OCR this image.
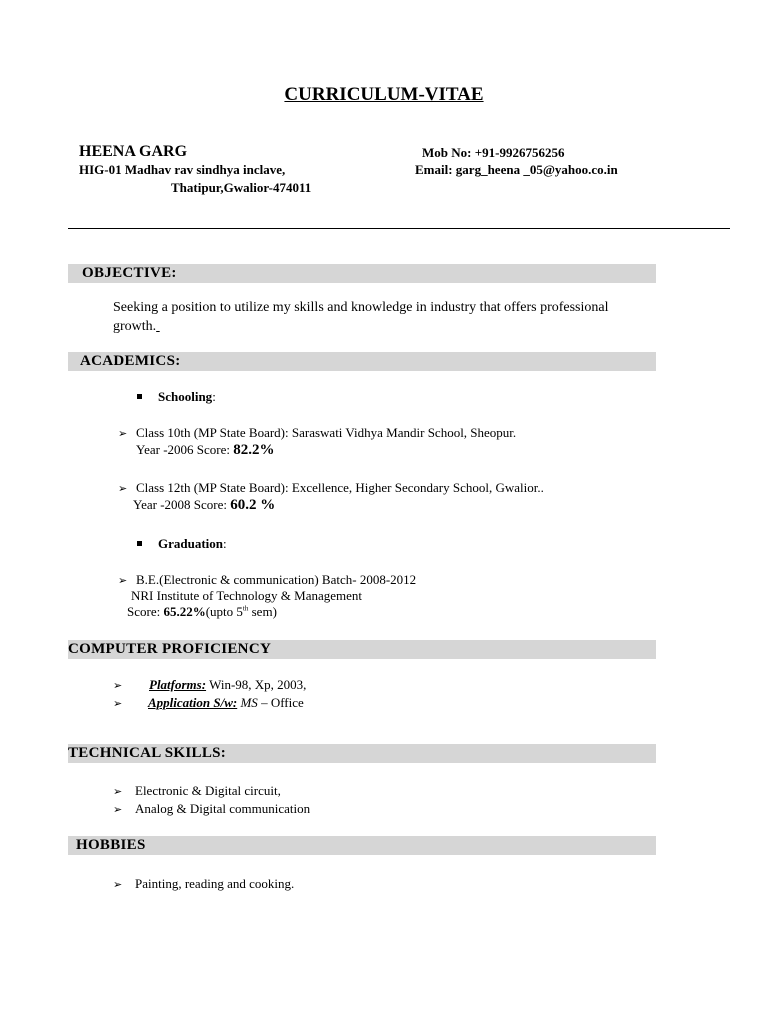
CURRICULUM-VITAE
HEENA GARG
HIG-01 Madhav rav sindhya inclave,
Thatipur,Gwalior-474011
Mob No: +91-9926756256
Email: garg_heena _05@yahoo.co.in
OBJECTIVE:
Seeking a position to utilize my skills and knowledge in industry that offers professional
growth.
ACADEMICS:
Schooling:
➢ Class 10th (MP State Board): Saraswati Vidhya Mandir School, Sheopur.
Year -2006 Score: 82.2%
➢ Class 12th (MP State Board): Excellence, Higher Secondary School, Gwalior..
Year -2008 Score: 60.2 %
Graduation:
➢ B.E.(Electronic & communication) Batch- 2008-2012
NRI Institute of Technology & Management
Score: 65.22%(upto 5th sem)
COMPUTER PROFICIENCY
➢ Platforms: Win-98, Xp, 2003,
➢ Application S/w: MS – Office
TECHNICAL SKILLS:
➢ Electronic & Digital circuit,
➢ Analog & Digital communication
HOBBIES
➢ Painting, reading and cooking.
